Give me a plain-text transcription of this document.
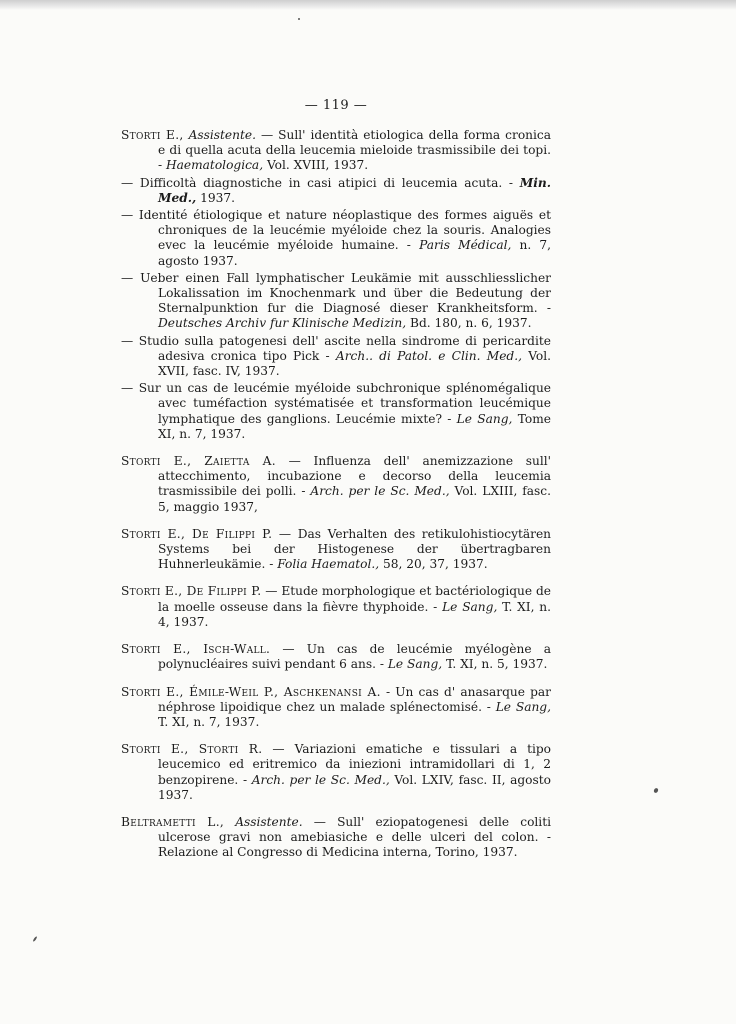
— 119 —

Storti E., Assistente. — Sull' identità etiologica della forma cronica e di quella acuta della leucemia mieloide trasmissibile dei topi. - Haematologica, Vol. XVIII, 1937.

— Difficoltà diagnostiche in casi atipici di leucemia acuta. - Min. Med., 1937.

— Identité étiologique et nature néoplastique des formes aiguës et chroniques de la leucémie myéloide chez la souris. Analogies evec la leucémie myéloide humaine. - Paris Médical, n. 7, agosto 1937.

— Ueber einen Fall lymphatischer Leukämie mit ausschliesslicher Lokalissation im Knochenmark und über die Bedeutung der Sternalpunktion fur die Diagnosé dieser Krankheitsform. - Deutsches Archiv fur Klinische Medizin, Bd. 180, n. 6, 1937.

— Studio sulla patogenesi dell' ascite nella sindrome di pericardite adesiva cronica tipo Pick - Arch.. di Patol. e Clin. Med., Vol. XVII, fasc. IV, 1937.

— Sur un cas de leucémie myéloide subchronique splénomégalique avec tuméfaction systématisée et transformation leucémique lymphatique des ganglions. Leucémie mixte? - Le Sang, Tome XI, n. 7, 1937.

Storti E., Zaietta A. — Influenza dell' anemizzazione sull' attecchimento, incubazione e decorso della leucemia trasmissibile dei polli. - Arch. per le Sc. Med., Vol. LXIII, fasc. 5, maggio 1937,

Storti E., De Filippi P. — Das Verhalten des retikulohistiocytären Systems bei der Histogenese der übertragbaren Huhnerleukämie. - Folia Haematol., 58, 20, 37, 1937.

Storti E., De Filippi P. — Etude morphologique et bactériologique de la moelle osseuse dans la fièvre thyphoide. - Le Sang, T. XI, n. 4, 1937.

Storti E., Isch-Wall. — Un cas de leucémie myélogène a polynucléaires suivi pendant 6 ans. - Le Sang, T. XI, n. 5, 1937.

Storti E., Émile-Weil P., Aschkenansi A. - Un cas d' anasarque par néphrose lipoidique chez un malade splénectomisé. - Le Sang, T. XI, n. 7, 1937.

Storti E., Storti R. — Variazioni ematiche e tissulari a tipo leucemico ed eritremico da iniezioni intramidollari di 1, 2 benzopirene. - Arch. per le Sc. Med., Vol. LXIV, fasc. II, agosto 1937.

Beltrametti L., Assistente. — Sull' eziopatogenesi delle coliti ulcerose gravi non amebiasiche e delle ulceri del colon. - Relazione al Congresso di Medicina interna, Torino, 1937.
